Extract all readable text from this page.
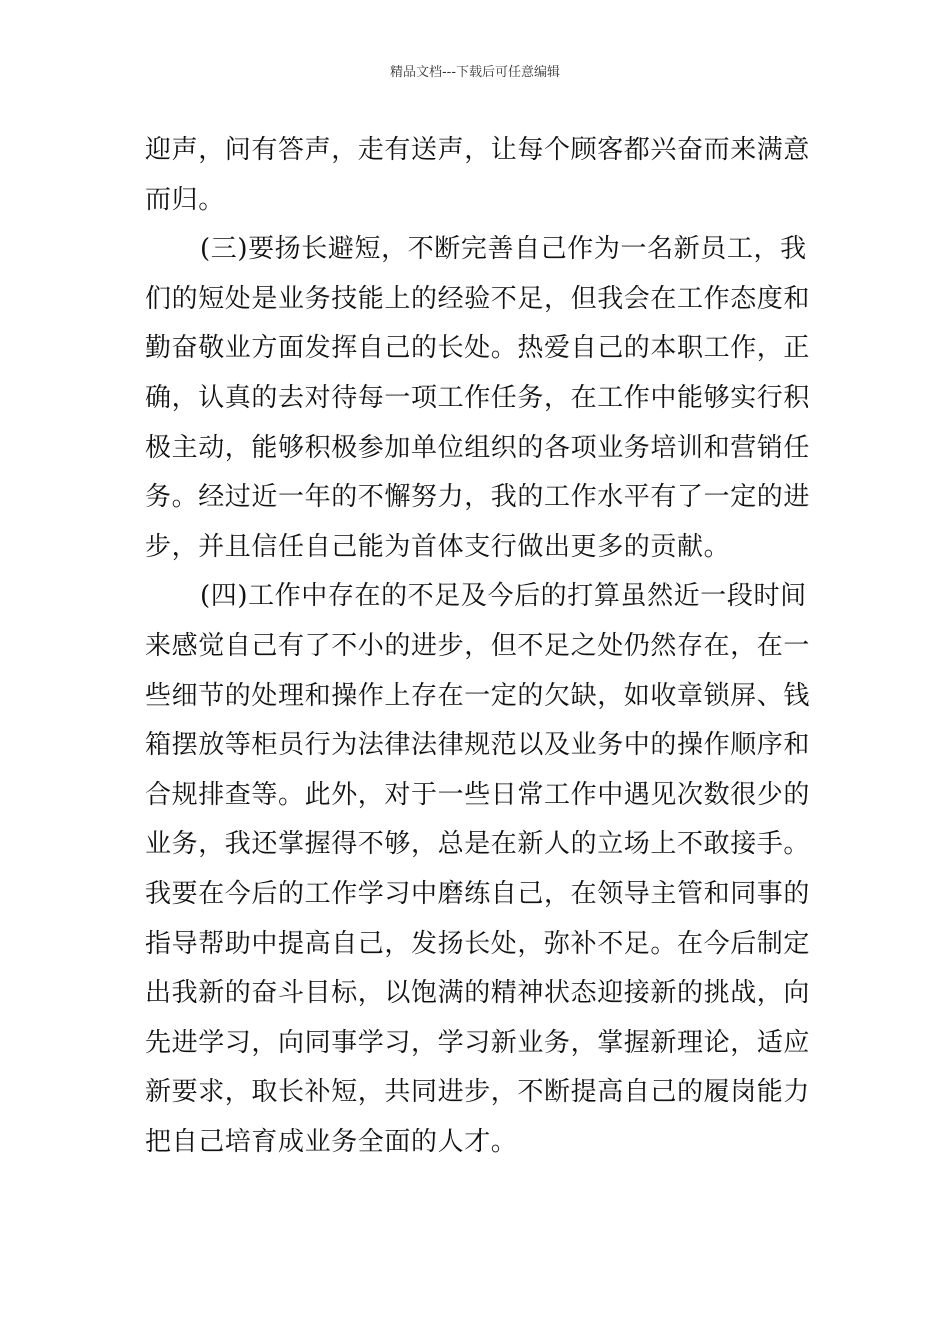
精品文档---下载后可任意编辑
迎声，问有答声，走有送声，让每个顾客都兴奋而来满意
而归。
(三)要扬长避短，不断完善自己作为一名新员工，我
们的短处是业务技能上的经验不足，但我会在工作态度和
勤奋敬业方面发挥自己的长处。热爱自己的本职工作，正
确，认真的去对待每一项工作任务，在工作中能够实行积
极主动，能够积极参加单位组织的各项业务培训和营销任
务。经过近一年的不懈努力，我的工作水平有了一定的进
步，并且信任自己能为首体支行做出更多的贡献。
(四)工作中存在的不足及今后的打算虽然近一段时间
来感觉自己有了不小的进步，但不足之处仍然存在，在一
些细节的处理和操作上存在一定的欠缺，如收章锁屏、钱
箱摆放等柜员行为法律法律规范以及业务中的操作顺序和
合规排查等。此外，对于一些日常工作中遇见次数很少的
业务，我还掌握得不够，总是在新人的立场上不敢接手。
我要在今后的工作学习中磨练自己，在领导主管和同事的
指导帮助中提高自己，发扬长处，弥补不足。在今后制定
出我新的奋斗目标，以饱满的精神状态迎接新的挑战，向
先进学习，向同事学习，学习新业务，掌握新理论，适应
新要求，取长补短，共同进步，不断提高自己的履岗能力
把自己培育成业务全面的人才。
